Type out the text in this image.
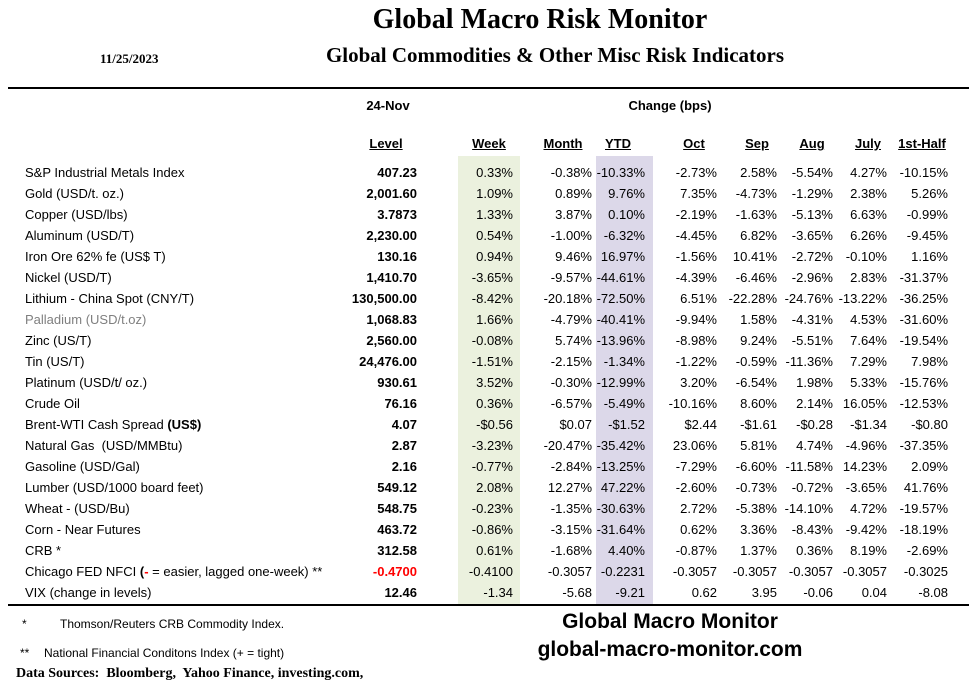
11/25/2023
Global Macro Risk Monitor
Global Commodities & Other Misc Risk Indicators
24-Nov	Change (bps)
Level	Week	Month YTD	Oct	Sep Aug July 1st-Half
S&P Industrial Metals Index	407.23	0.33%	-0.38% -10.33% -2.73% 2.58% -5.54% 4.27% -10.15%
Gold (USD/t. oz.)	2,001.60	1.09%	0.89% 9.76%	7.35% -4.73% -1.29% 2.38% 5.26%
Copper (USD/lbs)	3.7873	1.33%	3.87% 0.10% -2.19% -1.63% -5.13% 6.63% -0.99%
Aluminum (USD/T)	2,230.00	0.54%	-1.00% -6.32% -4.45% 6.82% -3.65% 6.26% -9.45%
Iron Ore 62% fe (US$ T)	130.16	0.94%	9.46% 16.97% -1.56% 10.41% -2.72% -0.10% 1.16%
Nickel (USD/T)	1,410.70	-3.65%	-9.57% -44.61% -4.39% -6.46% -2.96% 2.83% -31.37%
Lithium - China Spot (CNY/T)	130,500.00	-8.42% -20.18% -72.50%	6.51% -22.28% -24.76% -13.22% -36.25%
Palladium (USD/t.oz)	1,068.83	1.66%	-4.79% -40.41% -9.94% 1.58% -4.31% 4.53% -31.60%
Zinc (US/T)	2,560.00	-0.08%	5.74% -13.96% -8.98% 9.24% -5.51% 7.64% -19.54%
Tin (US/T)	24,476.00	-1.51%	-2.15% -1.34% -1.22% -0.59% -11.36% 7.29% 7.98%
Platinum (USD/t/ oz.)	930.61	3.52%	-0.30% -12.99%	3.20% -6.54% 1.98% 5.33% -15.76%
Crude Oil	76.16	0.36%	-6.57% -5.49% -10.16% 8.60% 2.14% 16.05% -12.53%
Brent-WTI Cash Spread (US$)	4.07	-$0.56	$0.07 -$1.52	$2.44 -$1.61 -$0.28 -$1.34 -$0.80
Natural Gas  (USD/MMBtu)	2.87	-3.23% -20.47% -35.42% 23.06% 5.81% 4.74% -4.96% -37.35%
Gasoline (USD/Gal)	2.16	-0.77%	-2.84% -13.25% -7.29% -6.60% -11.58% 14.23% 2.09%
Lumber (USD/1000 board feet)	549.12	2.08%	12.27% 47.22% -2.60% -0.73% -0.72% -3.65% 41.76%
Wheat - (USD/Bu)	548.75	-0.23%	-1.35% -30.63%	2.72% -5.38% -14.10% 4.72% -19.57%
Corn - Near Futures	463.72	-0.86%	-3.15% -31.64%	0.62% 3.36% -8.43% -9.42% -18.19%
CRB *	312.58	0.61%	-1.68% 4.40% -0.87% 1.37% 0.36% 8.19% -2.69%
Chicago FED NFCI (- = easier, lagged one-week) **	-0.4700	-0.4100	-0.3057 -0.2231 -0.3057 -0.3057 -0.3057 -0.3057 -0.3025
VIX (change in levels)	12.46	-1.34	-5.68 -9.21	0.62	3.95 -0.06 0.04 -8.08
*	Thomson/Reuters CRB Commodity Index.
** National Financial Conditons Index (+ = tight)
Data Sources:  Bloomberg,  Yahoo Finance, investing.com,
Global Macro Monitor
global-macro-monitor.com
